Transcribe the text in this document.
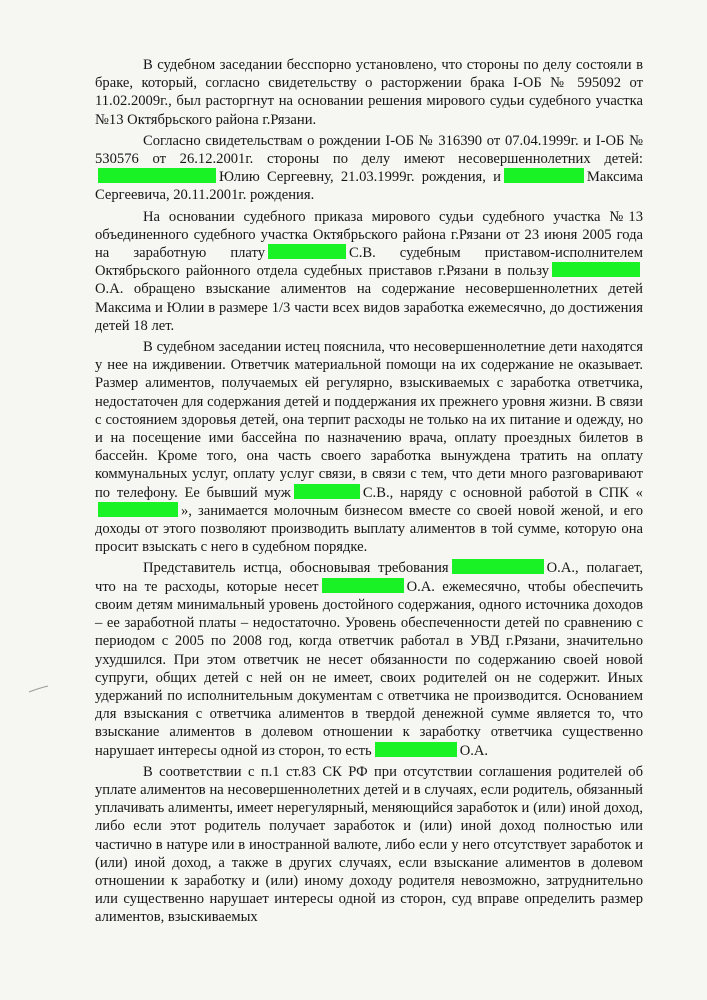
В судебном заседании бесспорно установлено, что стороны по делу состояли в браке, который, согласно свидетельству о расторжении брака I-ОБ № 595092 от 11.02.2009г., был расторгнут на основании решения мирового судьи судебного участка №13 Октябрьского района г.Рязани.

Согласно свидетельствам о рождении I-ОБ № 316390 от 07.04.1999г. и I-ОБ № 530576 от 26.12.2001г. стороны по делу имеют несовершеннолетних детей:Юлию Сергеевну, 21.03.1999г. рождения, и	Максима Сергеевича, 20.11.2001г. рождения.

На основании судебного приказа мирового судьи судебного участка №13 объединенного судебного участка Октябрьского района г.Рязани от 23 июня 2005 года на заработную плату	С.В. судебным приставом-исполнителем Октябрьского районного отдела судебных приставов г.Рязани в пользуО.А. обращено взыскание алиментов на содержание несовершеннолетних детей Максима и Юлии в размере 1/3 части всех видов заработка ежемесячно, до достижения детей 18 лет.

В судебном заседании истец пояснила, что несовершеннолетние дети находятся у нее на иждивении. Ответчик материальной помощи на их содержание не оказывает. Размер алиментов, получаемых ей регулярно, взыскиваемых с заработка ответчика, недостаточен для содержания детей и поддержания их прежнего уровня жизни. В связи с состоянием здоровья детей, она терпит расходы не только на их питание и одежду, но и на посещение ими бассейна по назначению врача, оплату проездных билетов в бассейн. Кроме того, она часть своего заработка вынуждена тратить на оплату коммунальных услуг, оплату услуг связи, в связи с тем, что дети много разговаривают по телефону. Ее бывший муж	С.В., наряду с основной работой в СПК «», занимается молочным бизнесом вместе со своей новой женой, и его доходы от этого позволяют производить выплату алиментов в той сумме, которую она просит взыскать с него в судебном порядке.

Представитель истца, обосновывая требования	О.А., полагает, что на те расходы, которые несет	О.А. ежемесячно, чтобы обеспечить своим детям минимальный уровень достойного содержания, одного источника доходов – ее заработной платы – недостаточно. Уровень обеспеченности детей по сравнению с периодом с 2005 по 2008 год, когда ответчик работал в УВД г.Рязани, значительно ухудшился. При этом ответчик не несет обязанности по содержанию своей новой супруги, общих детей с ней он не имеет, своих родителей он не содержит. Иных удержаний по исполнительным документам с ответчика не производится. Основанием для взыскания с ответчика алиментов в твердой денежной сумме является то, что взыскание алиментов в долевом отношении к заработку ответчика существенно нарушает интересы одной из сторон, то есть	О.А.

В соответствии с п.1 ст.83 СК РФ при отсутствии соглашения родителей об уплате алиментов на несовершеннолетних детей и в случаях, если родитель, обязанный уплачивать алименты, имеет нерегулярный, меняющийся заработок и (или) иной доход, либо если этот родитель получает заработок и (или) иной доход полностью или частично в натуре или в иностранной валюте, либо если у него отсутствует заработок и (или) иной доход, а также в других случаях, если взыскание алиментов в долевом отношении к заработку и (или) иному доходу родителя невозможно, затруднительно или существенно нарушает интересы одной из сторон, суд вправе определить размер алиментов, взыскиваемых
